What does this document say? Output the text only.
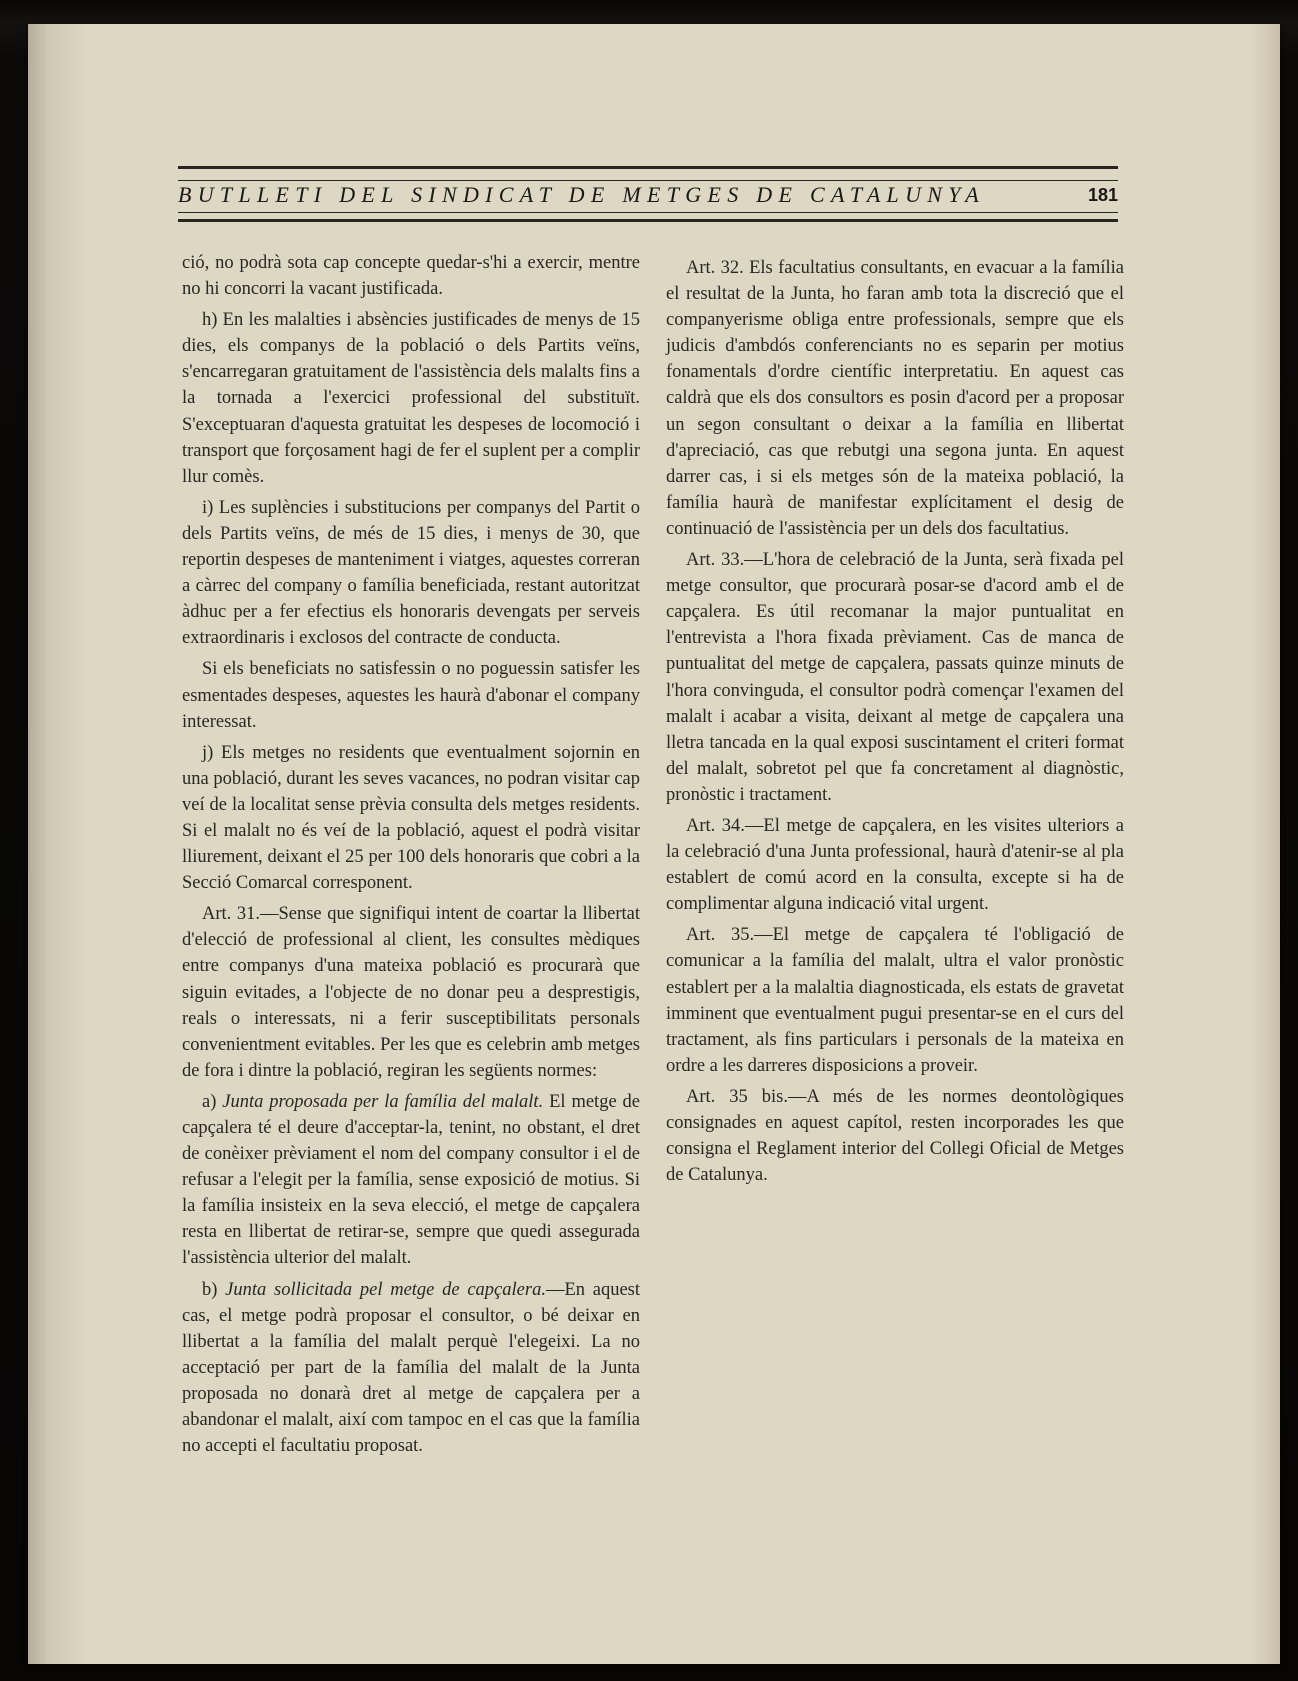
BUTLLETI DEL SINDICAT DE METGES DE CATALUNYA	181

ció, no podrà sota cap concepte quedar-s'hi a exercir, mentre no hi concorri la vacant justificada.

h) En les malalties i absències justificades de menys de 15 dies, els companys de la població o dels Partits veïns, s'encarregaran gratuitament de l'assistència dels malalts fins a la tornada a l'exercici professional del substituït. S'exceptuaran d'aquesta gratuitat les despeses de locomoció i transport que forçosament hagi de fer el suplent per a complir llur comès.

i) Les suplències i substitucions per companys del Partit o dels Partits veïns, de més de 15 dies, i menys de 30, que reportin despeses de manteniment i viatges, aquestes correran a càrrec del company o família beneficiada, restant autoritzat àdhuc per a fer efectius els honoraris devengats per serveis extraordinaris i exclosos del contracte de conducta.

Si els beneficiats no satisfessin o no poguessin satisfer les esmentades despeses, aquestes les haurà d'abonar el company interessat.

j) Els metges no residents que eventualment sojornin en una població, durant les seves vacances, no podran visitar cap veí de la localitat sense prèvia consulta dels metges residents. Si el malalt no és veí de la població, aquest el podrà visitar lliurement, deixant el 25 per 100 dels honoraris que cobri a la Secció Comarcal corresponent.

Art. 31.—Sense que signifiqui intent de coartar la llibertat d'elecció de professional al client, les consultes mèdiques entre companys d'una mateixa població es procurarà que siguin evitades, a l'objecte de no donar peu a desprestigis, reals o interessats, ni a ferir susceptibilitats personals convenientment evitables. Per les que es celebrin amb metges de fora i dintre la població, regiran les següents normes:

a) Junta proposada per la família del malalt. El metge de capçalera té el deure d'acceptar-la, tenint, no obstant, el dret de conèixer prèviament el nom del company consultor i el de refusar a l'elegit per la família, sense exposició de motius. Si la família insisteix en la seva elecció, el metge de capçalera resta en llibertat de retirar-se, sempre que quedi assegurada l'assistència ulterior del malalt.

b) Junta sollicitada pel metge de capçalera.—En aquest cas, el metge podrà proposar el consultor, o bé deixar en llibertat a la família del malalt perquè l'elegeixi. La no acceptació per part de la família del malalt de la Junta proposada no donarà dret al metge de capçalera per a abandonar el malalt, així com tampoc en el cas que la família no accepti el facultatiu proposat.

Art. 32. Els facultatius consultants, en evacuar a la família el resultat de la Junta, ho faran amb tota la discreció que el companyerisme obliga entre professionals, sempre que els judicis d'ambdós conferenciants no es separin per motius fonamentals d'ordre científic interpretatiu. En aquest cas caldrà que els dos consultors es posin d'acord per a proposar un segon consultant o deixar a la família en llibertat d'apreciació, cas que rebutgi una segona junta. En aquest darrer cas, i si els metges són de la mateixa població, la família haurà de manifestar explícitament el desig de continuació de l'assistència per un dels dos facultatius.

Art. 33.—L'hora de celebració de la Junta, serà fixada pel metge consultor, que procurarà posar-se d'acord amb el de capçalera. Es útil recomanar la major puntualitat en l'entrevista a l'hora fixada prèviament. Cas de manca de puntualitat del metge de capçalera, passats quinze minuts de l'hora convinguda, el consultor podrà començar l'examen del malalt i acabar a visita, deixant al metge de capçalera una lletra tancada en la qual exposi suscintament el criteri format del malalt, sobretot pel que fa concretament al diagnòstic, pronòstic i tractament.

Art. 34.—El metge de capçalera, en les visites ulteriors a la celebració d'una Junta professional, haurà d'atenir-se al pla establert de comú acord en la consulta, excepte si ha de complimentar alguna indicació vital urgent.

Art. 35.—El metge de capçalera té l'obligació de comunicar a la família del malalt, ultra el valor pronòstic establert per a la malaltia diagnosticada, els estats de gravetat imminent que eventualment pugui presentar-se en el curs del tractament, als fins particulars i personals de la mateixa en ordre a les darreres disposicions a proveir.

Art. 35 bis.—A més de les normes deontològiques consignades en aquest capítol, resten incorporades les que consigna el Reglament interior del Collegi Oficial de Metges de Catalunya.
